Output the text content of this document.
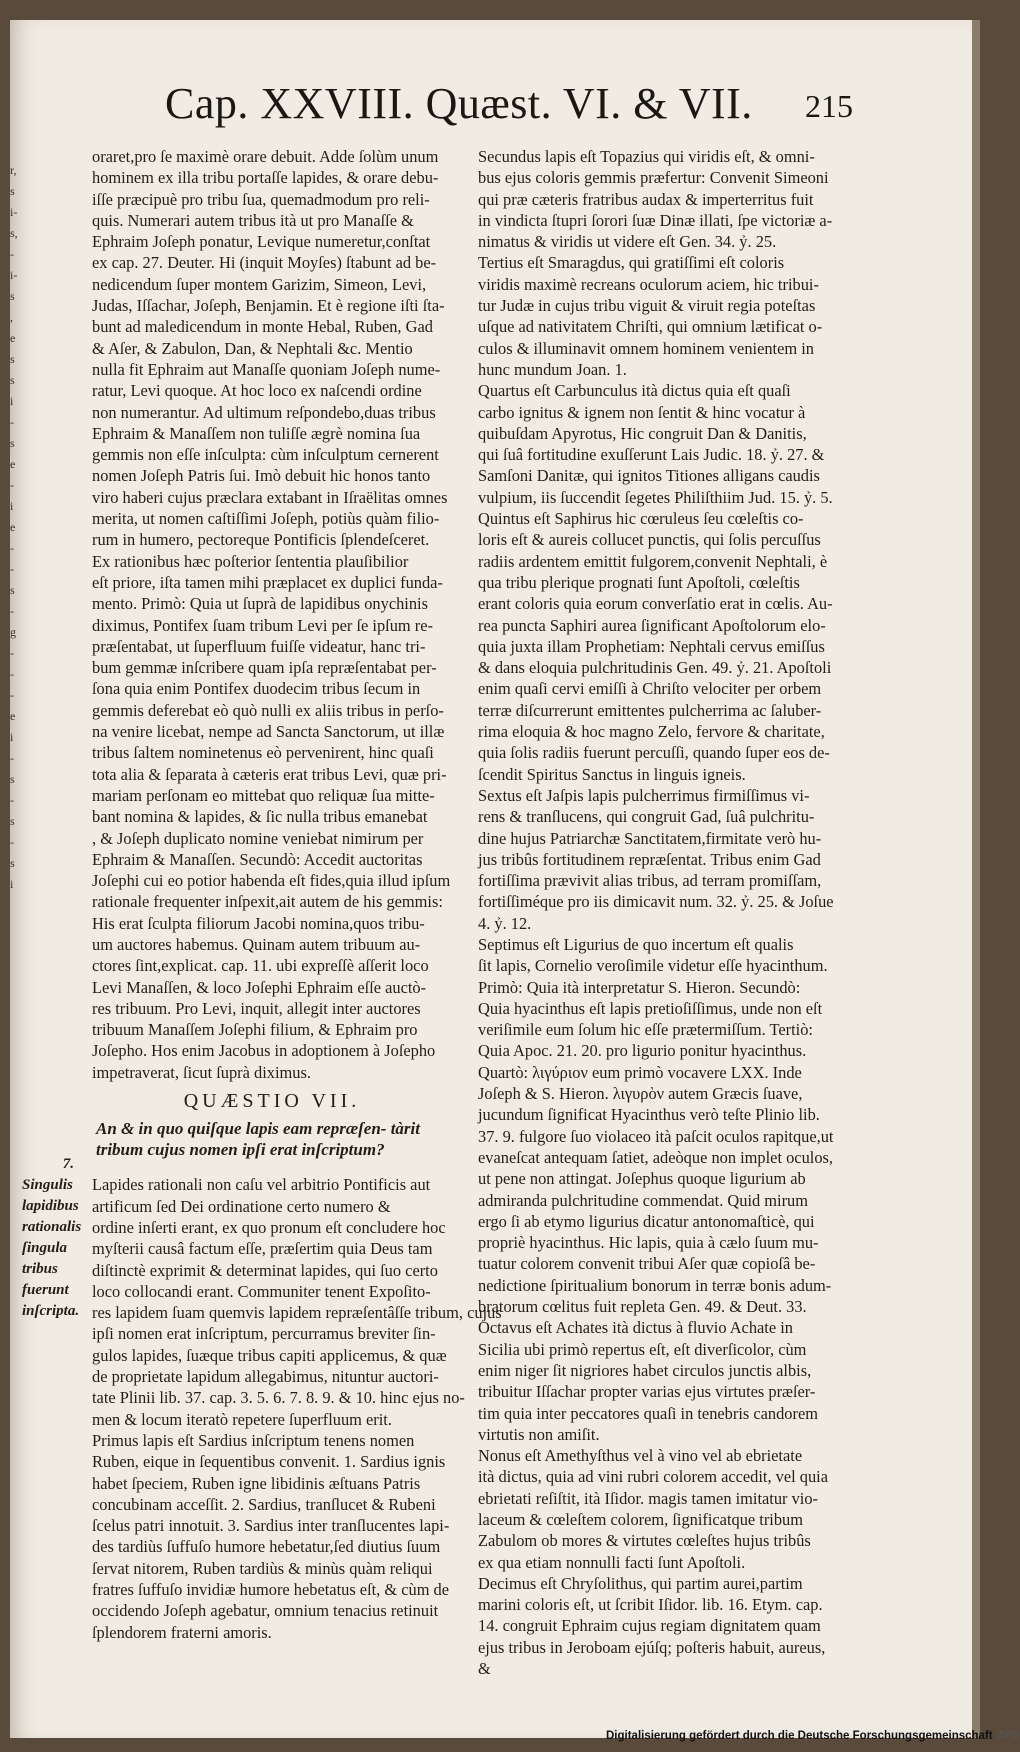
Cap. XXVIII. Quæst. VI. & VII. 215
r,
s
i-
s,
-
i-
s
,
e
s
s
i
-
s
e
-
i
e
-
-
s
-
g
-
-
-
e
i
-
s
-
s
-
s
i
oraret,pro ſe maximè orare debuit. Adde ſolùm unum
hominem ex illa tribu portaſſe lapides, & orare debu-
iſſe præcipuè pro tribu ſua, quemadmodum pro reli-
quis. Numerari autem tribus ità ut pro Manaſſe &
Ephraim Joſeph ponatur, Levique numeretur,conſtat
ex cap. 27. Deuter. Hi (inquit Moyſes) ſtabunt ad be-
nedicendum ſuper montem Garizim, Simeon, Levi,
Judas, Iſſachar, Joſeph, Benjamin. Et è regione iſti ſta-
bunt ad maledicendum in monte Hebal, Ruben, Gad
& Aſer, & Zabulon, Dan, & Nephtali &c. Mentio
nulla fit Ephraim aut Manaſſe quoniam Joſeph nume-
ratur, Levi quoque. At hoc loco ex naſcendi ordine
non numerantur. Ad ultimum reſpondebo,duas tribus
Ephraim & Manaſſem non tuliſſe ægrè nomina ſua
gemmis non eſſe inſculpta: cùm inſculptum cernerent
nomen Joſeph Patris ſui. Imò debuit hic honos tanto
viro haberi cujus præclara extabant in Iſraëlitas omnes
merita, ut nomen caſtiſſimi Joſeph, potiùs quàm filio-
rum in humero, pectoreque Pontificis ſplendeſceret.
Ex rationibus hæc poſterior ſententia plauſibilior
eſt priore, iſta tamen mihi præplacet ex duplici funda-
mento. Primò: Quia ut ſuprà de lapidibus onychinis
diximus, Pontifex ſuam tribum Levi per ſe ipſum re-
præſentabat, ut ſuperfluum fuiſſe videatur, hanc tri-
bum gemmæ inſcribere quam ipſa repræſentabat per-
ſona quia enim Pontifex duodecim tribus ſecum in
gemmis deferebat eò quò nulli ex aliis tribus in perſo-
na venire licebat, nempe ad Sancta Sanctorum, ut illæ
tribus ſaltem nominetenus eò pervenirent, hinc quaſi
tota alia & ſeparata à cæteris erat tribus Levi, quæ pri-
mariam perſonam eo mittebat quo reliquæ ſua mitte-
bant nomina & lapides, & ſic nulla tribus emanebat
, & Joſeph duplicato nomine veniebat nimirum per
Ephraim & Manaſſen. Secundò: Accedit auctoritas
Joſephi cui eo potior habenda eſt fides,quia illud ipſum
rationale frequenter inſpexit,ait autem de his gemmis:
His erat ſculpta filiorum Jacobi nomina,quos tribu-
um auctores habemus. Quinam autem tribuum au-
ctores ſint,explicat. cap. 11. ubi expreſſè aſſerit loco
Levi Manaſſen, & loco Joſephi Ephraim eſſe auctò-
res tribuum. Pro Levi, inquit, allegit inter auctores
tribuum Manaſſem Joſephi filium, & Ephraim pro
Joſepho. Hos enim Jacobus in adoptionem à Joſepho
impetraverat, ſicut ſuprà diximus.
QUÆSTIO VII.
An & in quo quiſque lapis eam repræſen- tàrit tribum cujus nomen ipſi erat inſcriptum?
Lapides rationali non caſu vel arbitrio Pontificis aut
artificum ſed Dei ordinatione certo numero &
ordine inſerti erant, ex quo pronum eſt concludere hoc
myſterii causâ factum eſſe, præſertim quia Deus tam
diſtinctè exprimit & determinat lapides, qui ſuo certo
loco collocandi erant. Communiter tenent Expoſito-
res lapidem ſuam quemvis lapidem repræſentâſſe tribum, cujus
ipſi nomen erat inſcriptum, percurramus breviter ſin-
gulos lapides, ſuæque tribus capiti applicemus, & quæ
de proprietate lapidum allegabimus, nituntur auctori-
tate Plinii lib. 37. cap. 3. 5. 6. 7. 8. 9. & 10. hinc ejus no-
men & locum iteratò repetere ſuperfluum erit.
Primus lapis eſt Sardius inſcriptum tenens nomen
Ruben, eique in ſequentibus convenit. 1. Sardius ignis
habet ſpeciem, Ruben igne libidinis æſtuans Patris
concubinam acceſſit. 2. Sardius, tranſlucet & Rubeni
ſcelus patri innotuit. 3. Sardius inter tranſlucentes lapi-
des tardiùs ſuffuſo humore hebetatur,ſed diutius ſuum
ſervat nitorem, Ruben tardiùs & minùs quàm reliqui
fratres ſuffuſo invidiæ humore hebetatus eſt, & cùm de
occidendo Joſeph agebatur, omnium tenacius retinuit
ſplendorem fraterni amoris.
7.
Singulis lapidibus rationalis ſingula tribus fuerunt inſcripta.
Secundus lapis eſt Topazius qui viridis eſt, & omni-
bus ejus coloris gemmis præfertur: Convenit Simeoni
qui præ cæteris fratribus audax & imperterritus fuit
in vindicta ſtupri ſorori ſuæ Dinæ illati, ſpe victoriæ a-
nimatus & viridis ut videre eſt Gen. 34. ỷ. 25.
Tertius eſt Smaragdus, qui gratiſſimi eſt coloris
viridis maximè recreans oculorum aciem, hic tribui-
tur Judæ in cujus tribu viguit & viruit regia poteſtas
uſque ad nativitatem Chriſti, qui omnium lætificat o-
culos & illuminavit omnem hominem venientem in
hunc mundum Joan. 1.
Quartus eſt Carbunculus ità dictus quia eſt quaſi
carbo ignitus & ignem non ſentit & hinc vocatur à
quibuſdam Apyrotus, Hic congruit Dan & Danitis,
qui ſuâ fortitudine exuſſerunt Lais Judic. 18. ỷ. 27. &
Samſoni Danitæ, qui ignitos Titiones alligans caudis
vulpium, iis ſuccendit ſegetes Philiſthiim Jud. 15. ỷ. 5.
Quintus eſt Saphirus hic cœruleus ſeu cœleſtis co-
loris eſt & aureis collucet punctis, qui ſolis percuſſus
radiis ardentem emittit fulgorem,convenit Nephtali, è
qua tribu plerique prognati ſunt Apoſtoli, cœleſtis
erant coloris quia eorum converſatio erat in cœlis. Au-
rea puncta Saphiri aurea ſignificant Apoſtolorum elo-
quia juxta illam Prophetiam: Nephtali cervus emiſſus
& dans eloquia pulchritudinis Gen. 49. ỷ. 21. Apoſtoli
enim quaſi cervi emiſſi à Chriſto velociter per orbem
terræ diſcurrerunt emittentes pulcherrima ac ſaluber-
rima eloquia & hoc magno Zelo, fervore & charitate,
quia ſolis radiis fuerunt percuſſi, quando ſuper eos de-
ſcendit Spiritus Sanctus in linguis igneis.
Sextus eſt Jaſpis lapis pulcherrimus firmiſſimus vi-
rens & tranſlucens, qui congruit Gad, ſuâ pulchritu-
dine hujus Patriarchæ Sanctitatem,firmitate verò hu-
jus tribûs fortitudinem repræſentat. Tribus enim Gad
fortiſſima prævivit alias tribus, ad terram promiſſam,
fortiſſiméque pro iis dimicavit num. 32. ỷ. 25. & Joſue
4. ỷ. 12.
Septimus eſt Ligurius de quo incertum eſt qualis
ſit lapis, Cornelio veroſimile videtur eſſe hyacinthum.
Primò: Quia ità interpretatur S. Hieron. Secundò:
Quia hyacinthus eſt lapis pretioſiſſimus, unde non eſt
veriſimile eum ſolum hic eſſe prætermiſſum. Tertiò:
Quia Apoc. 21. 20. pro ligurio ponitur hyacinthus.
Quartò: λιγύριον eum primò vocavere LXX. Inde
Joſeph & S. Hieron. λιγυρὸν autem Græcis ſuave,
jucundum ſignificat Hyacinthus verò teſte Plinio lib.
37. 9. fulgore ſuo violaceo ità paſcit oculos rapitque,ut
evaneſcat antequam ſatiet, adeòque non implet oculos,
ut pene non attingat. Joſephus quoque ligurium ab
admiranda pulchritudine commendat. Quid mirum
ergo ſi ab etymo ligurius dicatur antonomaſticè, qui
propriè hyacinthus. Hic lapis, quia à cælo ſuum mu-
tuatur colorem convenit tribui Aſer quæ copioſâ be-
nedictione ſpiritualium bonorum in terræ bonis adum-
bratorum cœlitus fuit repleta Gen. 49. & Deut. 33.
Octavus eſt Achates ità dictus à fluvio Achate in
Sicilia ubi primò repertus eſt, eſt diverſicolor, cùm
enim niger ſit nigriores habet circulos junctis albis,
tribuitur Iſſachar propter varias ejus virtutes præſer-
tim quia inter peccatores quaſi in tenebris candorem
virtutis non amiſit.
Nonus eſt Amethyſthus vel à vino vel ab ebrietate
ità dictus, quia ad vini rubri colorem accedit, vel quia
ebrietati reſiſtit, ità Iſidor. magis tamen imitatur vio-
laceum & cœleſtem colorem, ſignificatque tribum
Zabulom ob mores & virtutes cœleſtes hujus tribûs
ex qua etiam nonnulli facti ſunt Apoſtoli.
Decimus eſt Chryſolithus, qui partim aurei,partim
marini coloris eſt, ut ſcribit Iſidor. lib. 16. Etym. cap.
14. congruit Ephraim cujus regiam dignitatem quam
ejus tribus in Jeroboam ejúſq; poſteris habuit, aureus,
&
Digitalisierung gefördert durch die Deutsche Forschungsgemeinschaft DFG
